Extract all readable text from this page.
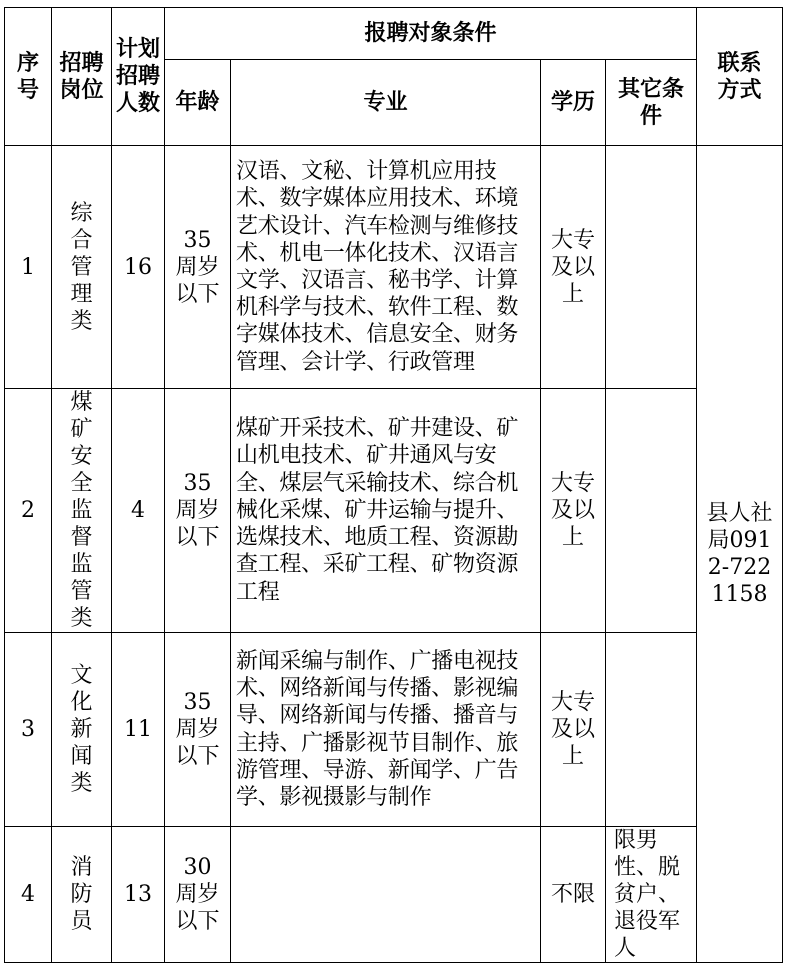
序号	招聘岗位	计划招聘人数	报聘对象条件				联系方式
			年龄	专业	学历	其它条件	
1	综合管理类	16	35周岁以下	汉语、文秘、计算机应用技术、数字媒体应用技术、环境艺术设计、汽车检测与维修技术、机电一体化技术、汉语言文学、汉语言、秘书学、计算机科学与技术、软件工程、数字媒体技术、信息安全、财务管理、会计学、行政管理	大专及以上		县人社局0912-7221158
2	煤矿安全监督监管类	4	35周岁以下	煤矿开采技术、矿井建设、矿山机电技术、矿井通风与安全、煤层气采输技术、综合机械化采煤、矿井运输与提升、选煤技术、地质工程、资源勘查工程、采矿工程、矿物资源工程	大专及以上		
3	文化新闻类	11	35周岁以下	新闻采编与制作、广播电视技术、网络新闻与传播、影视编导、网络新闻与传播、播音与主持、广播影视节目制作、旅游管理、导游、新闻学、广告学、影视摄影与制作	大专及以上		
4	消防员	13	30周岁以下		不限	限男性、脱贫户、退役军人	
